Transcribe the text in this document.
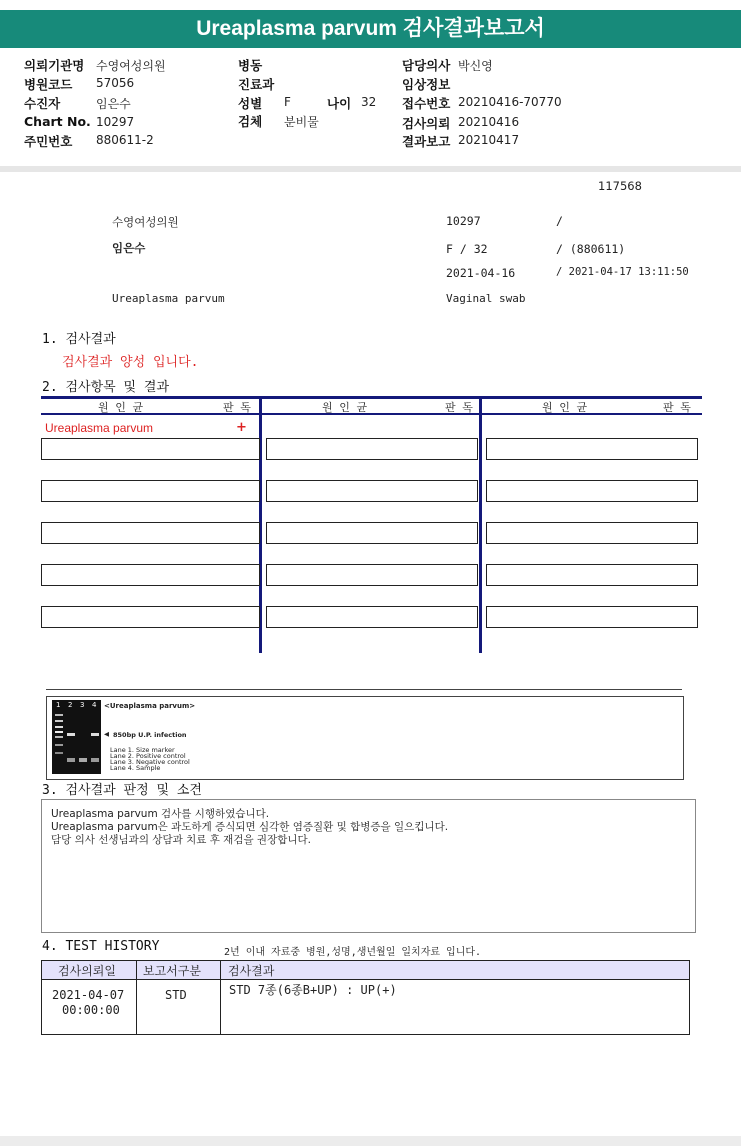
Ureaplasma parvum 검사결과보고서
의뢰기관명 수영여성의원
병원코드 57056
수진자	임은수
Chart No. 10297
주민번호 880611-2
병동
진료과
성별 F	나이 32
검체 분비물
담당의사 박신영
임상정보
접수번호 20210416-70770
검사의뢰 20210416
결과보고 20210417
117568
수영여성의원	10297	/
임은수	F / 32	/ (880611)
2021-04-16	/ 2021-04-17 13:11:50
Ureaplasma parvum	Vaginal swab
1. 검사결과
검사결과 양성 입니다.
2. 검사항목 및 결과
원 인 균	판 독	원 인 균	판 독	원 인 균	판 독
Ureaplasma parvum	+
1 2 3 4 <Ureaplasma parvum>
◀ 850bp U.P. infection
Lane 1. Size marker
Lane 2. Positive control
Lane 3. Negative control
Lane 4. Sample
3. 검사결과 판정 및 소견
Ureaplasma parvum 검사를 시행하였습니다.
Ureaplasma parvum은 과도하게 증식되면 심각한 염증질환 및 합병증을 일으킵니다.
담당 의사 선생님과의 상담과 치료 후 재검을 권장합니다.
4. TEST HISTORY	2년 이내 자료중 병원,성명,생년월일 일치자료 입니다.
검사의뢰일 보고서구분 검사결과
2021-04-07
00:00:00
STD	STD 7종(6종B+UP) : UP(+)
